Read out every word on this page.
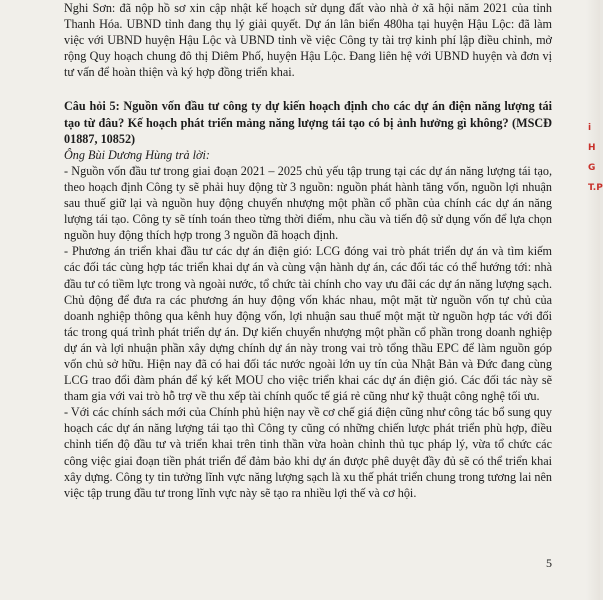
Nghi Sơn: đã nộp hồ sơ xin cập nhật kế hoạch sử dụng đất vào nhà ở xã hội năm 2021 của tỉnh Thanh Hóa. UBND tỉnh đang thụ lý giải quyết. Dự án lân biển 480ha tại huyện Hậu Lộc: đã làm việc với UBND huyện Hậu Lộc và UBND tỉnh về việc Công ty tài trợ kinh phí lập điều chỉnh, mở rộng Quy hoạch chung đô thị Diêm Phố, huyện Hậu Lộc. Đang liên hệ với UBND huyện và đơn vị tư vấn để hoàn thiện và ký hợp đồng triển khai.

Câu hỏi 5: Nguồn vốn đầu tư công ty dự kiến hoạch định cho các dự án điện năng lượng tái tạo từ đâu? Kế hoạch phát triển mảng năng lượng tái tạo có bị ảnh hưởng gì không? (MSCĐ 01887, 10852)

Ông Bùi Dương Hùng trả lời:

- Nguồn vốn đầu tư trong giai đoạn 2021 – 2025 chủ yếu tập trung tại các dự án năng lượng tái tạo, theo hoạch định Công ty sẽ phải huy động từ 3 nguồn: nguồn phát hành tăng vốn, nguồn lợi nhuận sau thuế giữ lại và nguồn huy động chuyển nhượng một phần cổ phần của chính các dự án năng lượng tái tạo. Công ty sẽ tính toán theo từng thời điểm, nhu cầu và tiến độ sử dụng vốn để lựa chọn nguồn huy động thích hợp trong 3 nguồn đã hoạch định.

- Phương án triển khai đầu tư các dự án điện gió: LCG đóng vai trò phát triển dự án và tìm kiếm các đối tác cùng hợp tác triển khai dự án và cùng vận hành dự án, các đối tác có thể hướng tới: nhà đầu tư có tiềm lực trong và ngoài nước, tổ chức tài chính cho vay ưu đãi các dự án năng lượng sạch. Chủ động để đưa ra các phương án huy động vốn khác nhau, một mặt từ nguồn vốn tự chủ của doanh nghiệp thông qua kênh huy động vốn, lợi nhuận sau thuế một mặt từ nguồn hợp tác với đối tác trong quá trình phát triển dự án. Dự kiến chuyển nhượng một phần cổ phần trong doanh nghiệp dự án và lợi nhuận phần xây dựng chính dự án này trong vai trò tổng thầu EPC để làm nguồn góp vốn chủ sở hữu. Hiện nay đã có hai đối tác nước ngoài lớn uy tín của Nhật Bản và Đức đang cùng LCG trao đổi đàm phán để ký kết MOU cho việc triển khai các dự án điện gió. Các đối tác này sẽ tham gia với vai trò hỗ trợ về thu xếp tài chính quốc tế giá rẻ cũng như kỹ thuật công nghệ tối ưu.

- Với các chính sách mới của Chính phủ hiện nay về cơ chế giá điện cũng như công tác bổ sung quy hoạch các dự án năng lượng tái tạo thì Công ty cũng có những chiến lược phát triển phù hợp, điều chỉnh tiến độ đầu tư và triển khai trên tinh thần vừa hoàn chỉnh thủ tục pháp lý, vừa tổ chức các công việc giai đoạn tiền phát triển để đảm bảo khi dự án được phê duyệt đầy đủ sẽ có thể triển khai xây dựng. Công ty tin tưởng lĩnh vực năng lượng sạch là xu thế phát triển chung trong tương lai nên việc tập trung đầu tư trong lĩnh vực này sẽ tạo ra nhiều lợi thế và cơ hội.

5
i
H
G
T.P
